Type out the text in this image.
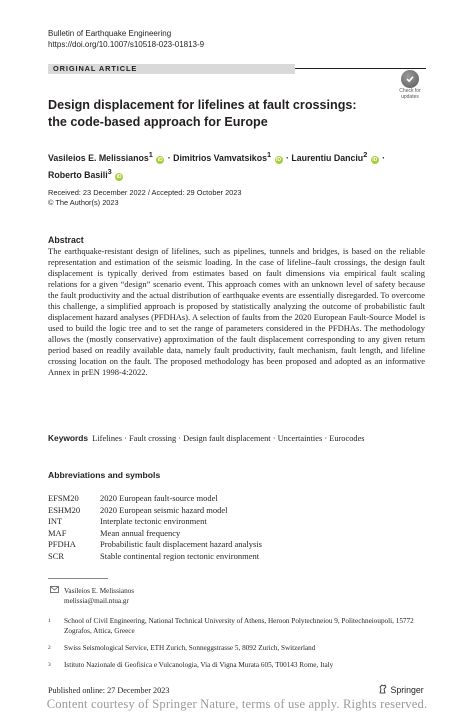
Bulletin of Earthquake Engineering
https://doi.org/10.1007/s10518-023-01813-9
ORIGINAL ARTICLE
Check for
updates
Design displacement for lifelines at fault crossings:
the code-based approach for Europe
Vasileios E. Melissianos$^1$ iD · Dimitrios Vamvatsikos$^1$ iD · Laurentiu Danciu$^2$ iD ·
Roberto Basili$^3$ iD
Received: 23 December 2022 / Accepted: 29 October 2023
© The Author(s) 2023
Abstract
The earthquake-resistant design of lifelines, such as pipelines, tunnels and bridges, is based on the reliable representation and estimation of the seismic loading. In the case of lifeline–fault crossings, the design fault displacement is typically derived from estimates based on fault dimensions via empirical fault scaling relations for a given “design” scenario event. This approach comes with an unknown level of safety because the fault productivity and the actual distribution of earthquake events are essentially disregarded. To overcome this challenge, a simplified approach is proposed by statistically analyzing the outcome of probabilistic fault displacement hazard analyses (PFDHAs). A selection of faults from the 2020 European Fault-Source Model is used to build the logic tree and to set the range of parameters considered in the PFDHAs. The methodology allows the (mostly conservative) approximation of the fault displacement corresponding to any given return period based on readily available data, namely fault productivity, fault mechanism, fault length, and lifeline crossing location on the fault. The proposed methodology has been proposed and adopted as an informative Annex in prEN 1998-4:2022.
Keywords Lifelines · Fault crossing · Design fault displacement · Uncertainties · Eurocodes
Abbreviations and symbols
EFSM20	2020 European fault-source model
ESHM20	2020 European seismic hazard model
INT	Interplate tectonic environment
MAF	Mean annual frequency
PFDHA	Probabilistic fault displacement hazard analysis
SCR	Stable continental region tectonic environment
Vasileios E. Melissianos
melissia@mail.ntua.gr
1 School of Civil Engineering, National Technical University of Athens, Heroon Polytechneiou 9, Politechneioupoli, 15772 Zografos, Attica, Greece
2 Swiss Seismological Service, ETH Zurich, Sonneggstrasse 5, 8092 Zurich, Switzerland
3 Istituto Nazionale di Geofisica e Vulcanologia, Via di Vigna Murata 605, T00143 Rome, Italy
Published online: 27 December 2023	Springer
Content courtesy of Springer Nature, terms of use apply. Rights reserved.
